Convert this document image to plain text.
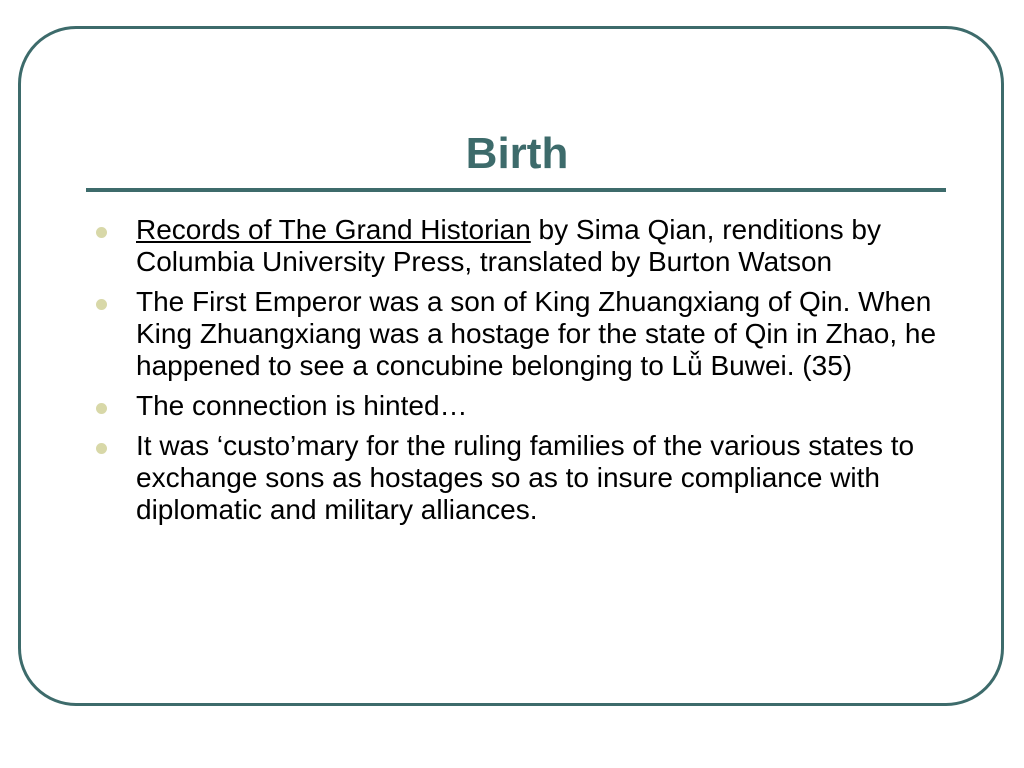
Birth
Records of The Grand Historian by Sima Qian, renditions by Columbia University Press, translated by Burton Watson
The First Emperor was a son of King Zhuangxiang of Qin. When King Zhuangxiang was a hostage for the state of Qin in Zhao, he happened to see a concubine belonging to Lǚ Buwei. (35)
The connection is hinted…
It was ‘custo’mary for the ruling families of the various states to exchange sons as hostages so as to insure compliance with diplomatic and military alliances.
